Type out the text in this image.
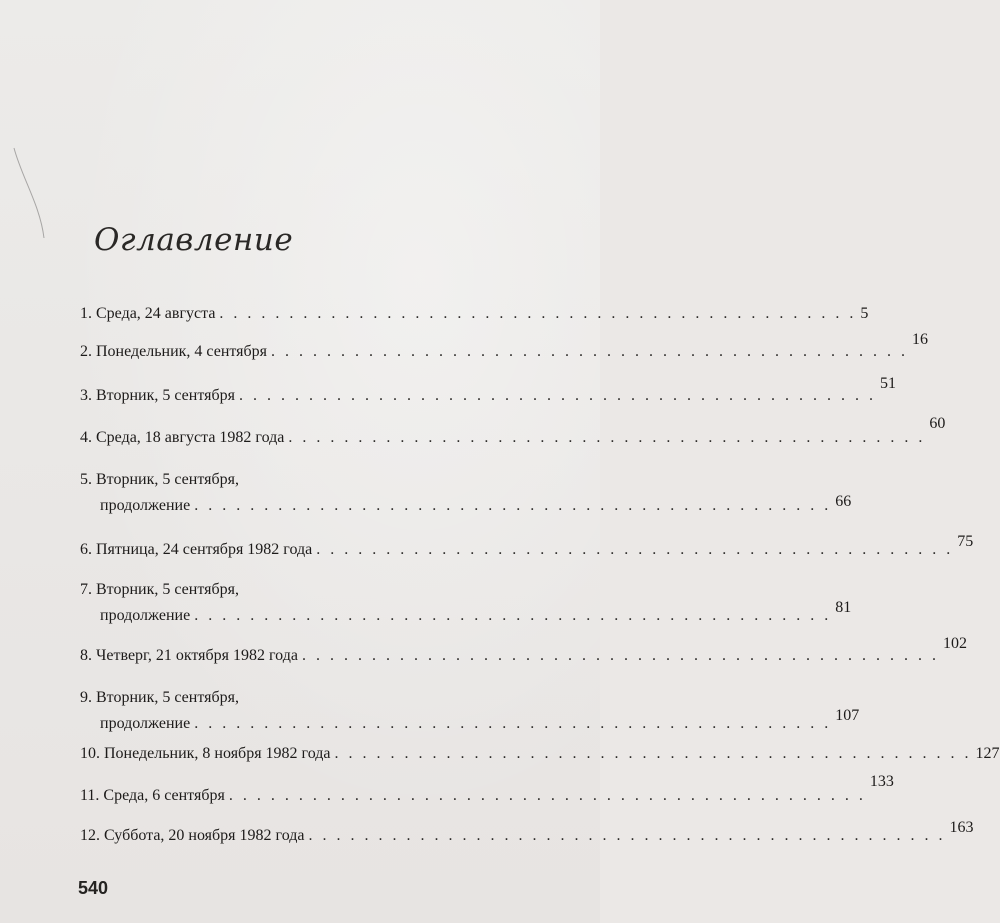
Оглавление
1. Среда, 24 августа . . . . . . . . . . . . . . . . . . . . . . . . . . . . . . . . . . . . . . . . . . . . . . 5
2. Понедельник, 4 сентября . . . . . . . . . . . . . . . . . . . . . . . . . . . . . . . . . . . . . . . . . . . . . .
16
3. Вторник, 5 сентября . . . . . . . . . . . . . . . . . . . . . . . . . . . . . . . . . . . . . . . . . . . . . .
51
4. Среда, 18 августа 1982 года . . . . . . . . . . . . . . . . . . . . . . . . . . . . . . . . . . . . . . . . . . . . . .
60
5. Вторник, 5 сентября,
продолжение . . . . . . . . . . . . . . . . . . . . . . . . . . . . . . . . . . . . . . . . . . . . . . 66
6. Пятница, 24 сентября 1982 года . . . . . . . . . . . . . . . . . . . . . . . . . . . . . . . . . . . . . . . . . . . . . . 75
7. Вторник, 5 сентября,
продолжение . . . . . . . . . . . . . . . . . . . . . . . . . . . . . . . . . . . . . . . . . . . . . . 81
8. Четверг, 21 октября 1982 года . . . . . . . . . . . . . . . . . . . . . . . . . . . . . . . . . . . . . . . . . . . . . .
102
9. Вторник, 5 сентября,
продолжение . . . . . . . . . . . . . . . . . . . . . . . . . . . . . . . . . . . . . . . . . . . . . . 107
10. Понедельник, 8 ноября 1982 года . . . . . . . . . . . . . . . . . . . . . . . . . . . . . . . . . . . . . . . . . . . . . . 127
11. Среда, 6 сентября . . . . . . . . . . . . . . . . . . . . . . . . . . . . . . . . . . . . . . . . . . . . . .
133
12. Суббота, 20 ноября 1982 года . . . . . . . . . . . . . . . . . . . . . . . . . . . . . . . . . . . . . . . . . . . . . . 163
540
